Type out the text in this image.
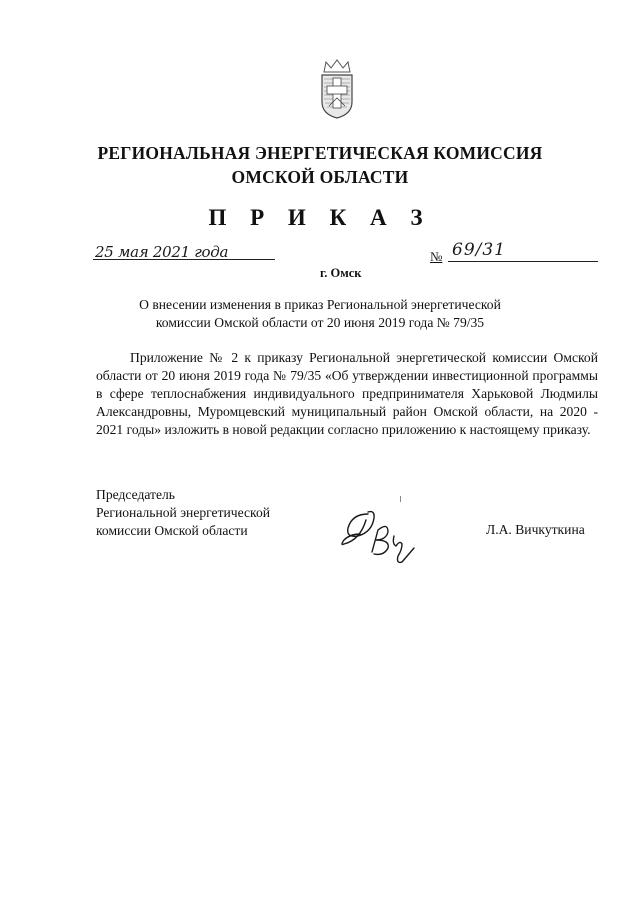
РЕГИОНАЛЬНАЯ ЭНЕРГЕТИЧЕСКАЯ КОМИССИЯ
ОМСКОЙ ОБЛАСТИ
П Р И К А З
25 мая 2021 года	№ 69/31
г. Омск
О внесении изменения в приказ Региональной энергетической
комиссии Омской области от 20 июня 2019 года № 79/35
Приложение № 2 к приказу Региональной энергетической комиссии Омской области от 20 июня 2019 года № 79/35 «Об утверждении инвестиционной программы в сфере теплоснабжения индивидуального предпринимателя Харьковой Людмилы Александровны, Муромцевский муниципальный район Омской области, на 2020 - 2021 годы» изложить в новой редакции согласно приложению к настоящему приказу.
Председатель
Региональной энергетической
комиссии Омской области	Л.А. Вичкуткина
